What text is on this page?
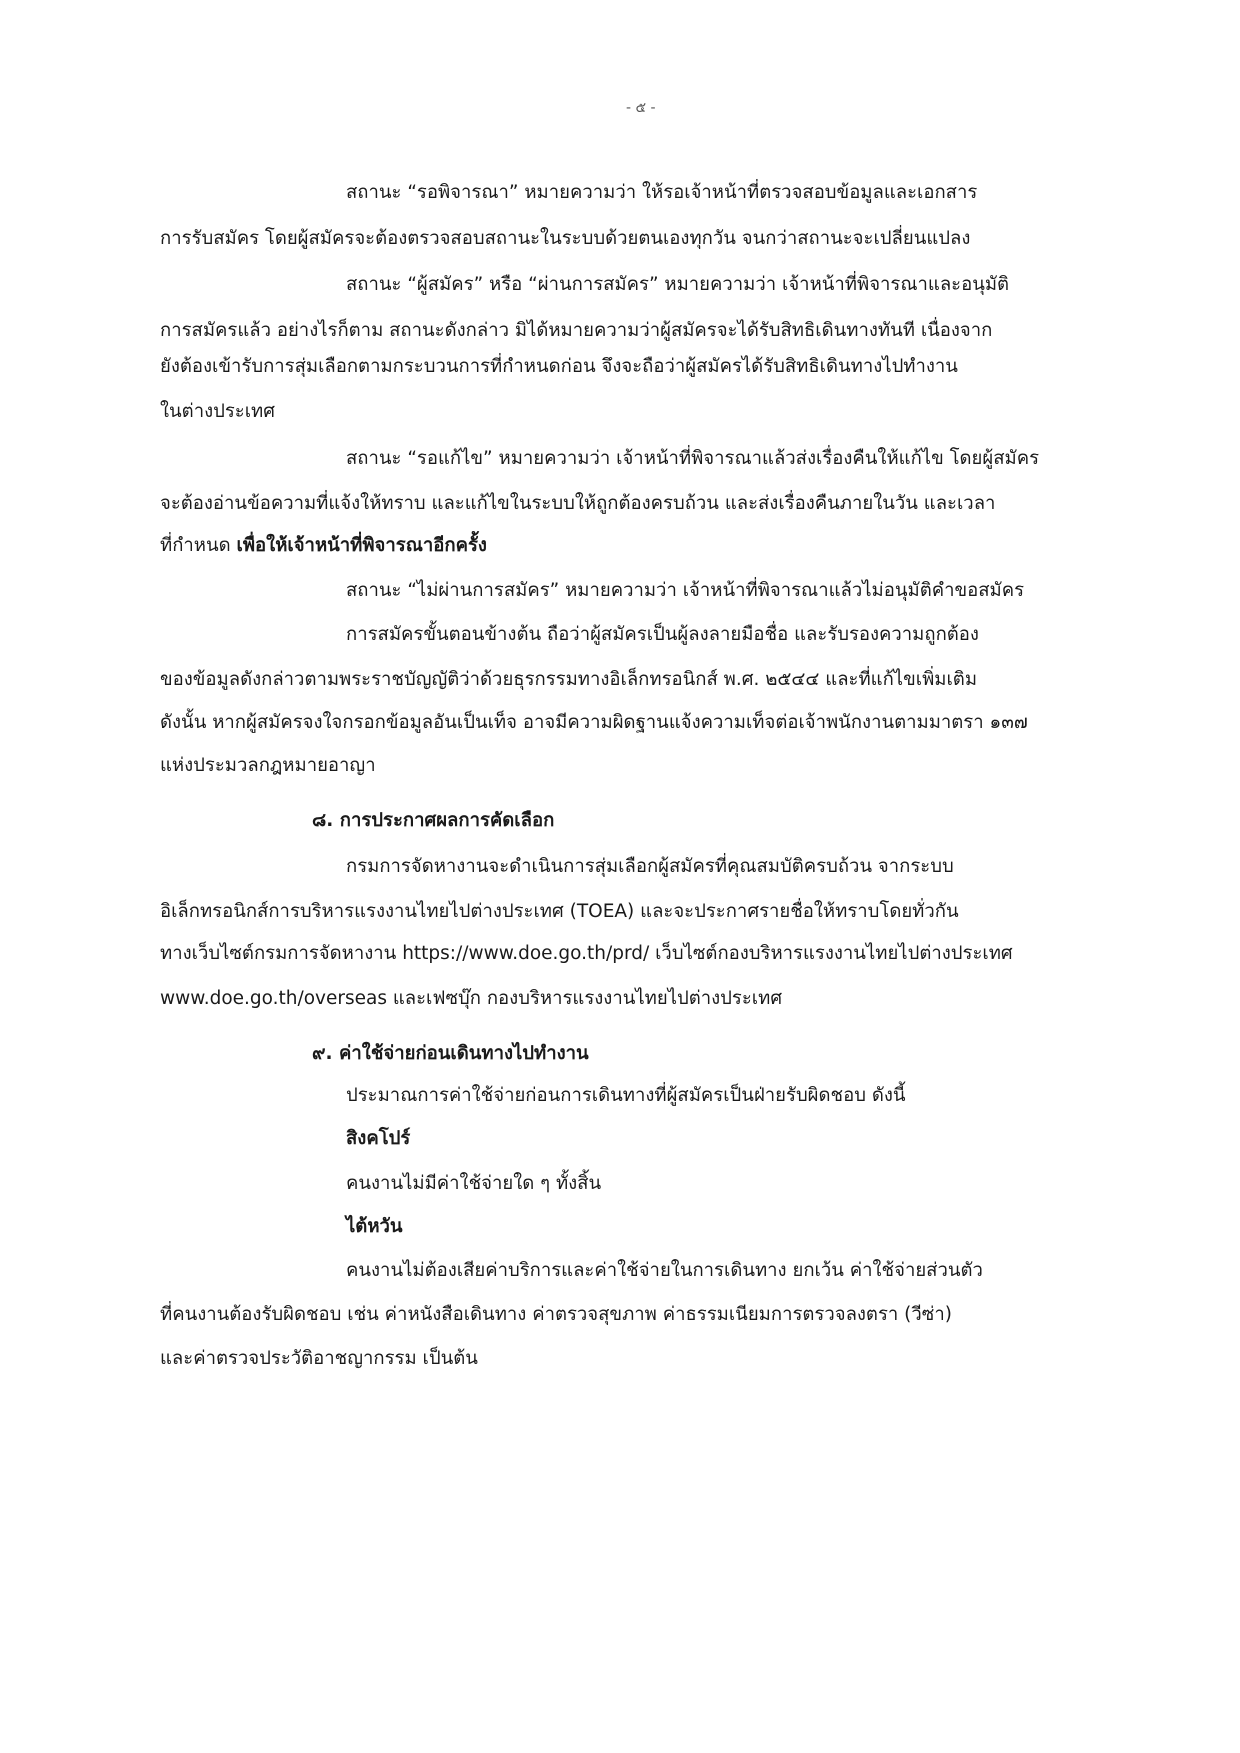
- ๕ -
สถานะ “รอพิจารณา” หมายความว่า ให้รอเจ้าหน้าที่ตรวจสอบข้อมูลและเอกสาร
การรับสมัคร โดยผู้สมัครจะต้องตรวจสอบสถานะในระบบด้วยตนเองทุกวัน จนกว่าสถานะจะเปลี่ยนแปลง
สถานะ “ผู้สมัคร” หรือ “ผ่านการสมัคร” หมายความว่า เจ้าหน้าที่พิจารณาและอนุมัติ
การสมัครแล้ว อย่างไรก็ตาม สถานะดังกล่าว มิได้หมายความว่าผู้สมัครจะได้รับสิทธิเดินทางทันที เนื่องจาก
ยังต้องเข้ารับการสุ่มเลือกตามกระบวนการที่กำหนดก่อน จึงจะถือว่าผู้สมัครได้รับสิทธิเดินทางไปทำงาน
ในต่างประเทศ
สถานะ “รอแก้ไข” หมายความว่า เจ้าหน้าที่พิจารณาแล้วส่งเรื่องคืนให้แก้ไข โดยผู้สมัคร
จะต้องอ่านข้อความที่แจ้งให้ทราบ และแก้ไขในระบบให้ถูกต้องครบถ้วน และส่งเรื่องคืนภายในวัน และเวลา
ที่กำหนด เพื่อให้เจ้าหน้าที่พิจารณาอีกครั้ง
สถานะ “ไม่ผ่านการสมัคร” หมายความว่า เจ้าหน้าที่พิจารณาแล้วไม่อนุมัติคำขอสมัคร
การสมัครขั้นตอนข้างต้น ถือว่าผู้สมัครเป็นผู้ลงลายมือชื่อ และรับรองความถูกต้อง
ของข้อมูลดังกล่าวตามพระราชบัญญัติว่าด้วยธุรกรรมทางอิเล็กทรอนิกส์ พ.ศ. ๒๕๔๔ และที่แก้ไขเพิ่มเติม
ดังนั้น หากผู้สมัครจงใจกรอกข้อมูลอันเป็นเท็จ อาจมีความผิดฐานแจ้งความเท็จต่อเจ้าพนักงานตามมาตรา ๑๓๗
แห่งประมวลกฎหมายอาญา
๘. การประกาศผลการคัดเลือก
กรมการจัดหางานจะดำเนินการสุ่มเลือกผู้สมัครที่คุณสมบัติครบถ้วน จากระบบ
อิเล็กทรอนิกส์การบริหารแรงงานไทยไปต่างประเทศ (TOEA) และจะประกาศรายชื่อให้ทราบโดยทั่วกัน
ทางเว็บไซต์กรมการจัดหางาน https://www.doe.go.th/prd/ เว็บไซต์กองบริหารแรงงานไทยไปต่างประเทศ
www.doe.go.th/overseas และเฟซบุ๊ก กองบริหารแรงงานไทยไปต่างประเทศ
๙. ค่าใช้จ่ายก่อนเดินทางไปทำงาน
ประมาณการค่าใช้จ่ายก่อนการเดินทางที่ผู้สมัครเป็นฝ่ายรับผิดชอบ ดังนี้
สิงคโปร์
คนงานไม่มีค่าใช้จ่ายใด ๆ ทั้งสิ้น
ไต้หวัน
คนงานไม่ต้องเสียค่าบริการและค่าใช้จ่ายในการเดินทาง ยกเว้น ค่าใช้จ่ายส่วนตัว
ที่คนงานต้องรับผิดชอบ เช่น ค่าหนังสือเดินทาง ค่าตรวจสุขภาพ ค่าธรรมเนียมการตรวจลงตรา (วีซ่า)
และค่าตรวจประวัติอาชญากรรม เป็นต้น
